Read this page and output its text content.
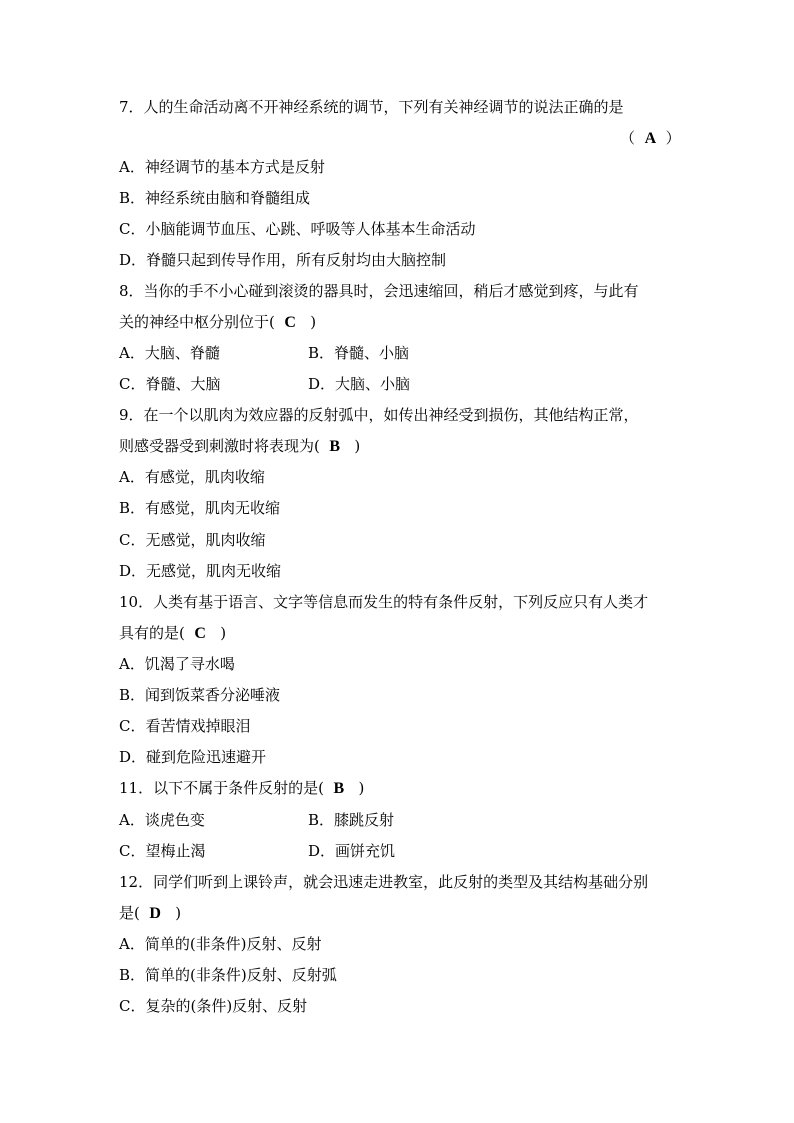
7．人的生命活动离不开神经系统的调节，下列有关神经调节的说法正确的是
（ A ）
A．神经调节的基本方式是反射
B．神经系统由脑和脊髓组成
C．小脑能调节血压、心跳、呼吸等人体基本生命活动
D．脊髓只起到传导作用，所有反射均由大脑控制
8．当你的手不小心碰到滚烫的器具时，会迅速缩回，稍后才感觉到疼，与此有
关的神经中枢分别位于( C )
A．大脑、脊髓	B．脊髓、小脑
C．脊髓、大脑	D．大脑、小脑
9．在一个以肌肉为效应器的反射弧中，如传出神经受到损伤，其他结构正常，
则感受器受到刺激时将表现为( B )
A．有感觉，肌肉收缩
B．有感觉，肌肉无收缩
C．无感觉，肌肉收缩
D．无感觉，肌肉无收缩
10．人类有基于语言、文字等信息而发生的特有条件反射，下列反应只有人类才
具有的是( C )
A．饥渴了寻水喝
B．闻到饭菜香分泌唾液
C．看苦情戏掉眼泪
D．碰到危险迅速避开
11．以下不属于条件反射的是( B )
A．谈虎色变	B．膝跳反射
C．望梅止渴	D．画饼充饥
12．同学们听到上课铃声，就会迅速走进教室，此反射的类型及其结构基础分别
是( D )
A．简单的(非条件)反射、反射
B．简单的(非条件)反射、反射弧
C．复杂的(条件)反射、反射
